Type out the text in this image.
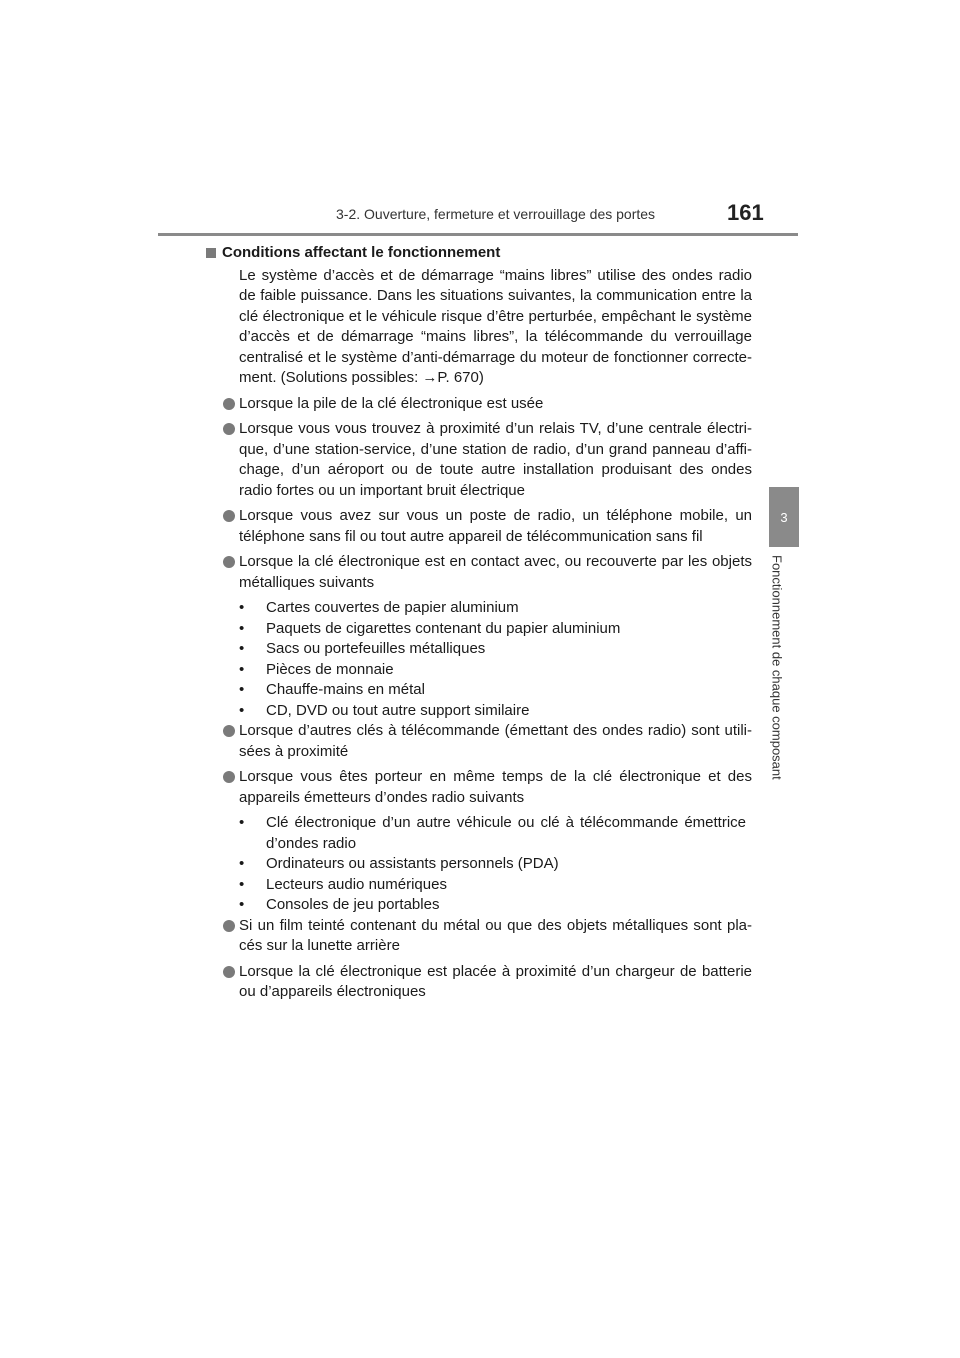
3-2. Ouverture, fermeture et verrouillage des portes	161
3
Fonctionnement de chaque composant
Conditions affectant le fonctionnement
Le système d’accès et de démarrage “mains libres” utilise des ondes radio de faible puissance. Dans les situations suivantes, la communication entre la clé électronique et le véhicule risque d’être perturbée, empêchant le système d’accès et de démarrage “mains libres”, la télécommande du verrouillage centralisé et le système d’anti-démarrage du moteur de fonctionner correctement. (Solutions possibles: →P. 670)
Lorsque la pile de la clé électronique est usée
Lorsque vous vous trouvez à proximité d’un relais TV, d’une centrale électrique, d’une station-service, d’une station de radio, d’un grand panneau d’affichage, d’un aéroport ou de toute autre installation produisant des ondes radio fortes ou un important bruit électrique
Lorsque vous avez sur vous un poste de radio, un téléphone mobile, un téléphone sans fil ou tout autre appareil de télécommunication sans fil
Lorsque la clé électronique est en contact avec, ou recouverte par les objets métalliques suivants
• Cartes couvertes de papier aluminium
• Paquets de cigarettes contenant du papier aluminium
• Sacs ou portefeuilles métalliques
• Pièces de monnaie
• Chauffe-mains en métal
• CD, DVD ou tout autre support similaire
Lorsque d’autres clés à télécommande (émettant des ondes radio) sont utilisées à proximité
Lorsque vous êtes porteur en même temps de la clé électronique et des appareils émetteurs d’ondes radio suivants
• Clé électronique d’un autre véhicule ou clé à télécommande émettrice d’ondes radio
• Ordinateurs ou assistants personnels (PDA)
• Lecteurs audio numériques
• Consoles de jeu portables
Si un film teinté contenant du métal ou que des objets métalliques sont placés sur la lunette arrière
Lorsque la clé électronique est placée à proximité d’un chargeur de batterie ou d’appareils électroniques
